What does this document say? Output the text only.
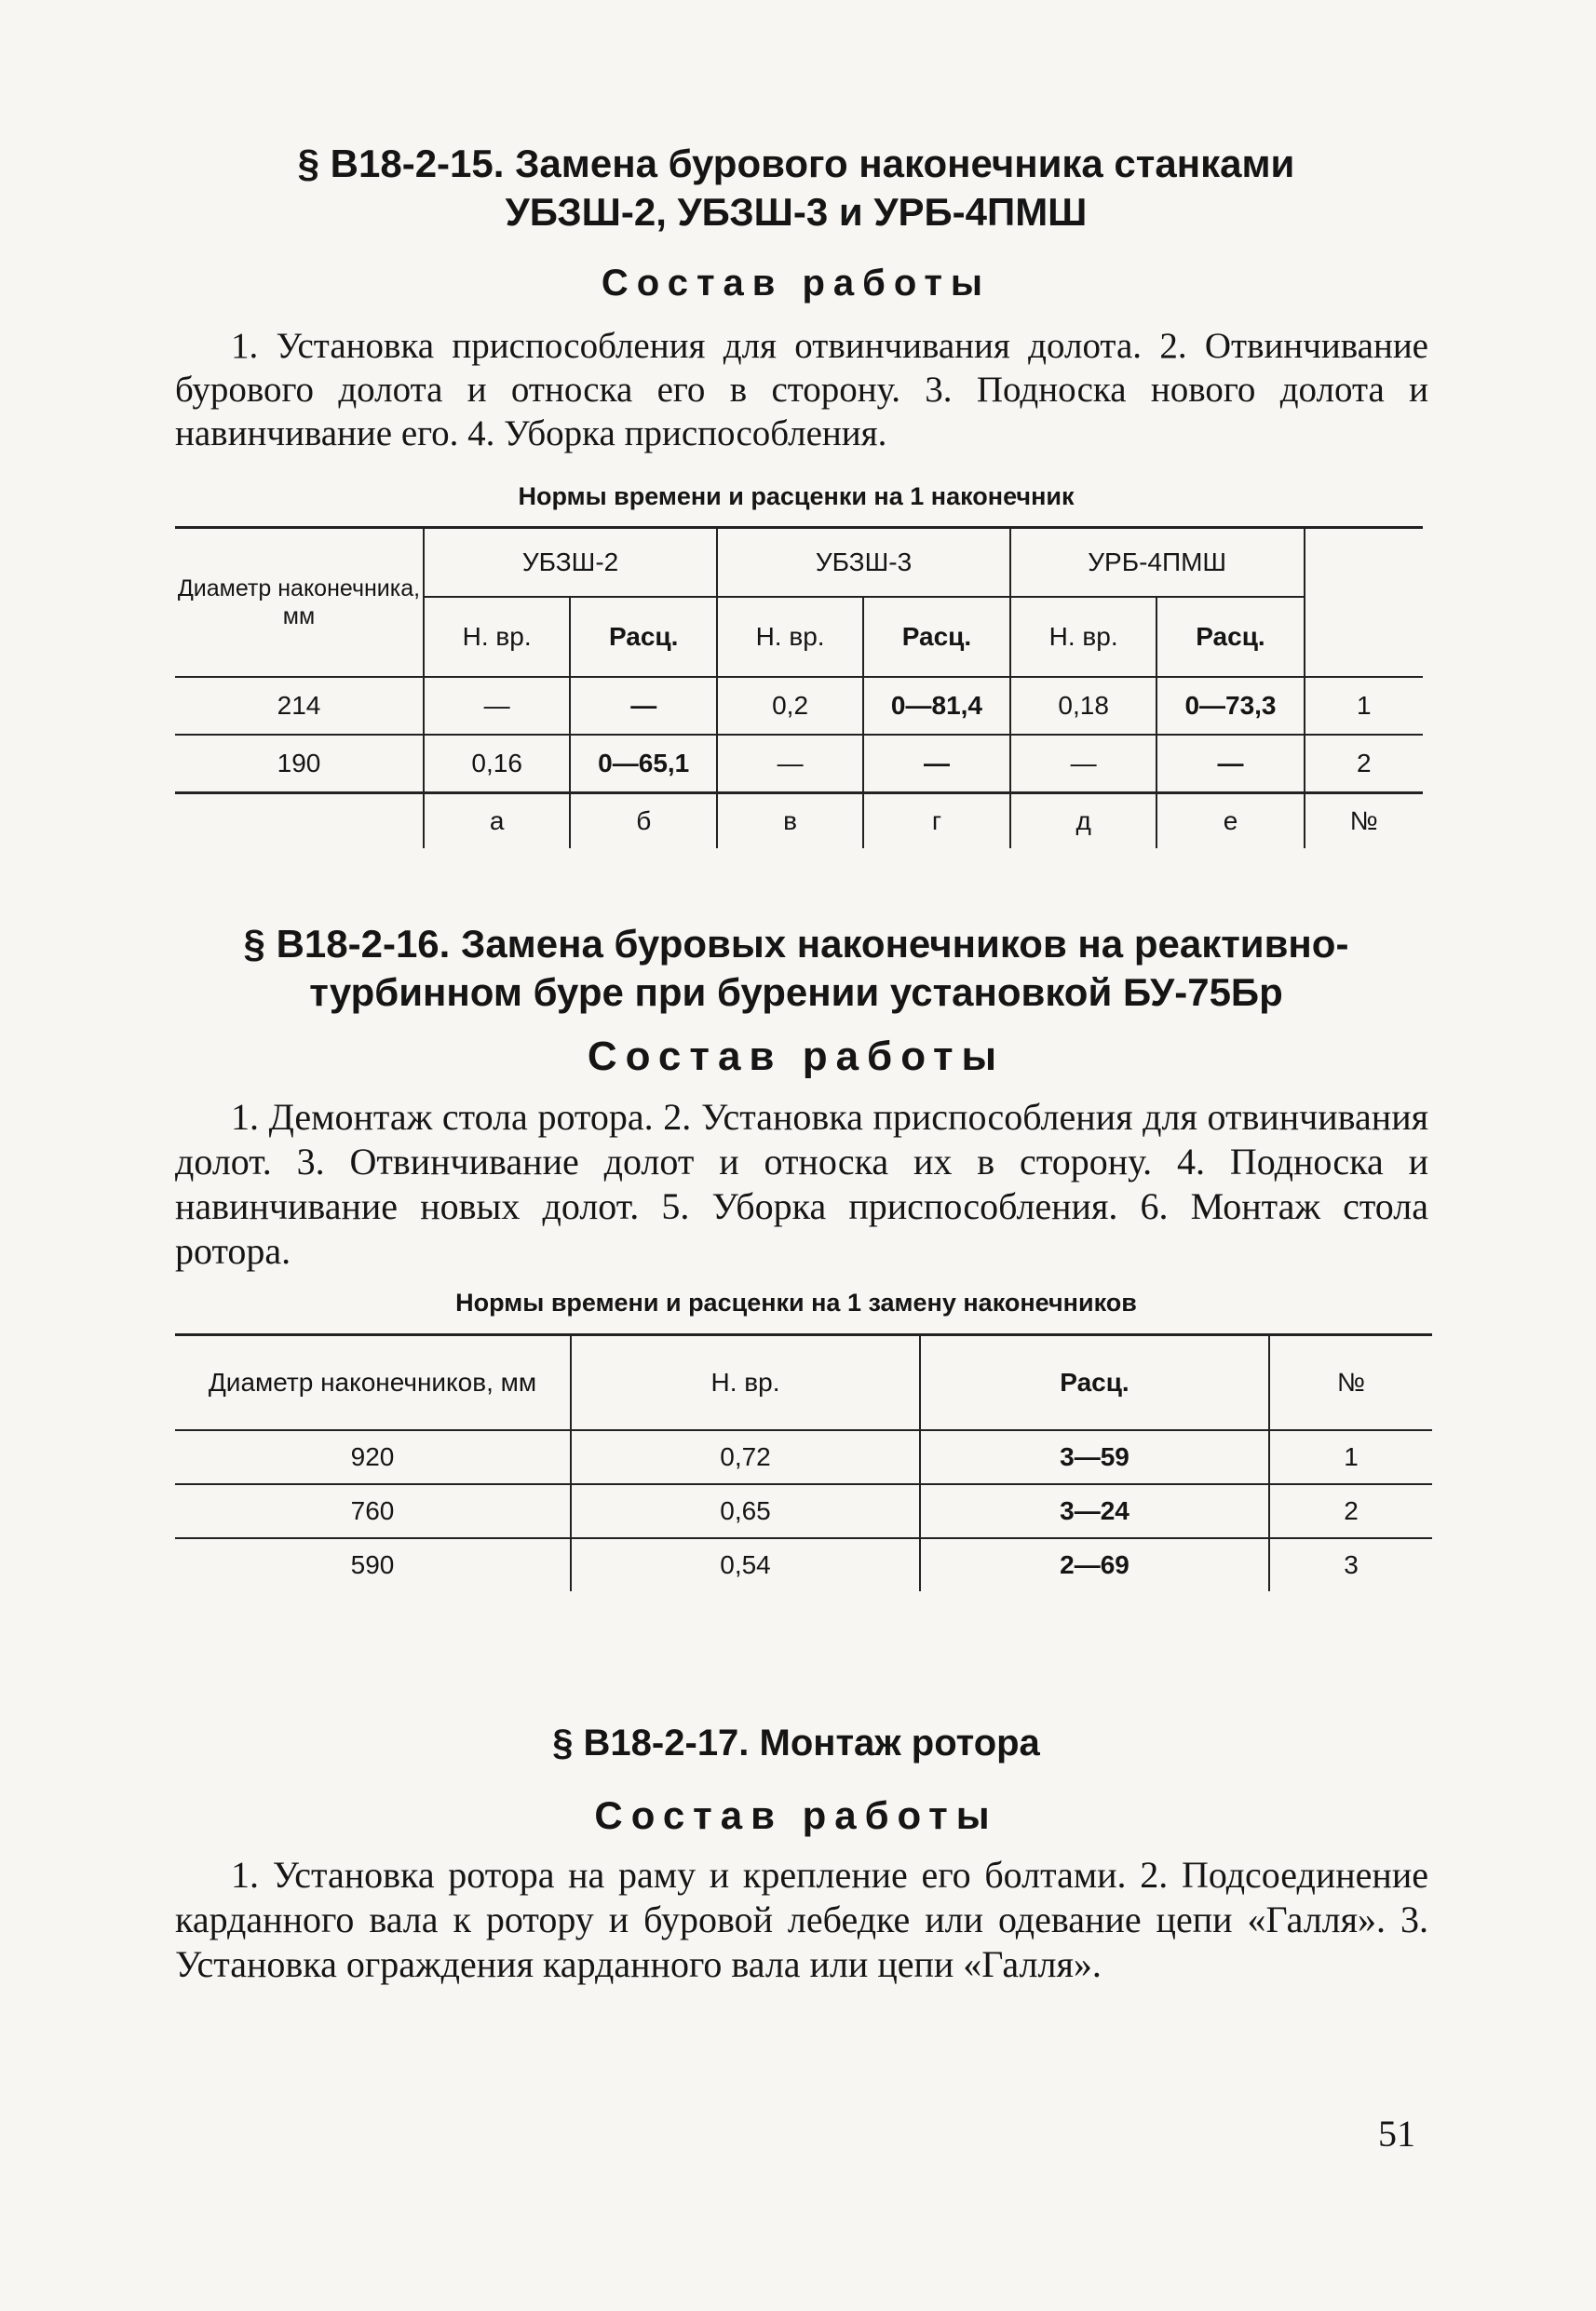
§ В18-2-15. Замена бурового наконечника станками
УБЗШ-2, УБЗШ-3 и УРБ-4ПМШ

Состав работы

1. Установка приспособления для отвинчивания долота. 2. Отвинчивание бурового долота и относка его в сторону. 3. Подноска нового долота и навинчивание его. 4. Уборка приспособления.

Нормы времени и расценки на 1 наконечник

Диаметр наконечника, мм	УБЗШ-2		УБЗШ-3		УРБ-4ПМШ		
	Н. вр.	Расц.	Н. вр.	Расц.	Н. вр.	Расц.	
214	—	—	0,2	0—81,4	0,18	0—73,3	1
190	0,16	0—65,1	—	—	—	—	2
	а	б	в	г	д	е	№
§ В18-2-16. Замена буровых наконечников на реактивно-
турбинном буре при бурении установкой БУ-75Бр

Состав работы

1. Демонтаж стола ротора. 2. Установка приспособления для отвинчивания долот. 3. Отвинчивание долот и относка их в сторону. 4. Подноска и навинчивание новых долот. 5. Уборка приспособления. 6. Монтаж стола ротора.

Нормы времени и расценки на 1 замену наконечников

Диаметр наконечников, мм	Н. вр.	Расц.	№
920	0,72	3—59	1
760	0,65	3—24	2
590	0,54	2—69	3
§ В18-2-17. Монтаж ротора

Состав работы

1. Установка ротора на раму и крепление его болтами. 2. Подсоединение карданного вала к ротору и буровой лебедке или одевание цепи «Галля». 3. Установка ограждения карданного вала или цепи «Галля».

51
